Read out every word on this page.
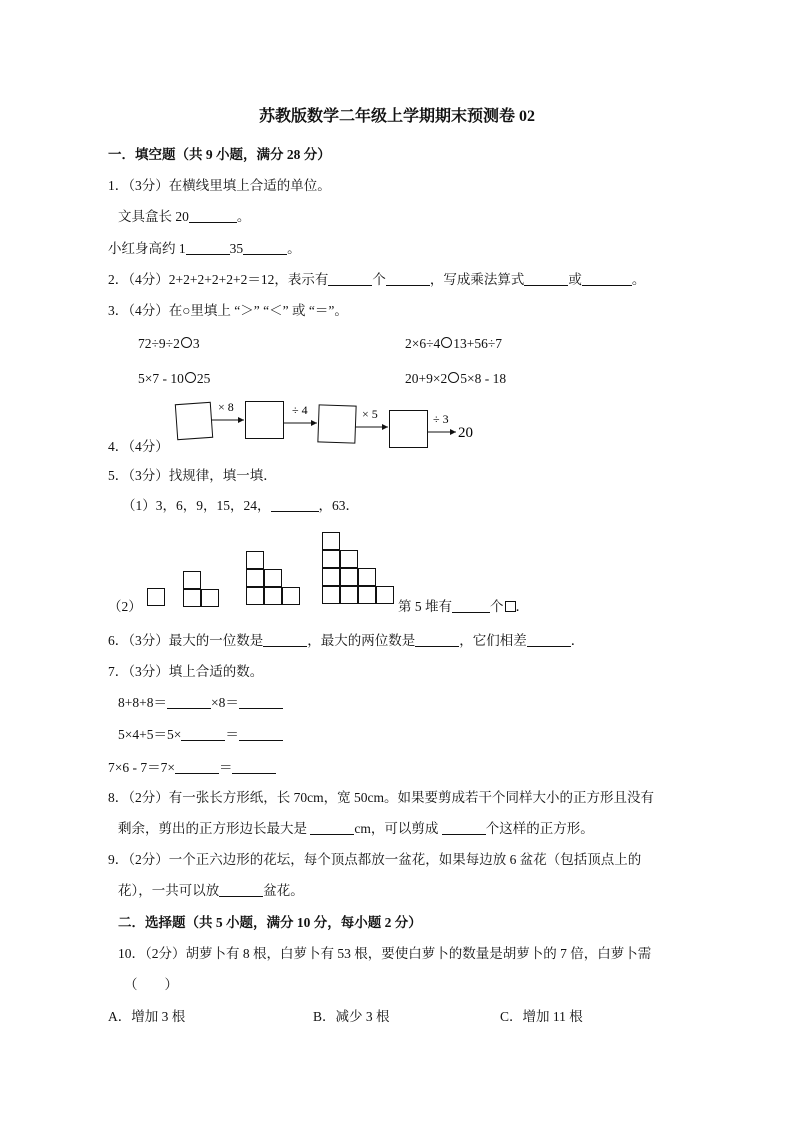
苏教版数学二年级上学期期末预测卷 02
一．填空题（共 9 小题，满分 28 分）
1．（3分）在横线里填上合适的单位。
文具盒长 20	。
小红身高约 1	35	。
2．（4分）2+2+2+2+2+2＝12，表示有	个	，写成乘法算式	或	。
3．（4分）在○里填上 “＞” “＜” 或 “＝”。
72÷9÷2 3	2×6÷4 13+56÷7
5×7 - 10 25	20+9×2 5×8 - 18
× 8	÷ 4	× 5	÷ 3
20
4．（4分）
5．（3分）找规律，填一填．
（1）3，6，9，15，24，	，63．
（2）	第 5 堆有	个 ．
6．（3分）最大的一位数是	，最大的两位数是	，它们相差	．
7．（3分）填上合适的数。
8+8+8＝	×8＝
5×4+5＝5×	＝
7×6 - 7＝7×	＝
8．（2分）有一张长方形纸，长 70cm，宽 50cm。如果要剪成若干个同样大小的正方形且没有
剩余，剪出的正方形边长最大是	cm，可以剪成	个这样的正方形。
9．（2分）一个正六边形的花坛，每个顶点都放一盆花，如果每边放 6 盆花（包括顶点上的
花），一共可以放	盆花。
二．选择题（共 5 小题，满分 10 分，每小题 2 分）
10．（2分）胡萝卜有 8 根，白萝卜有 53 根，要使白萝卜的数量是胡萝卜的 7 倍，白萝卜需
（　　）
A．增加 3 根	B．减少 3 根	C．增加 11 根
